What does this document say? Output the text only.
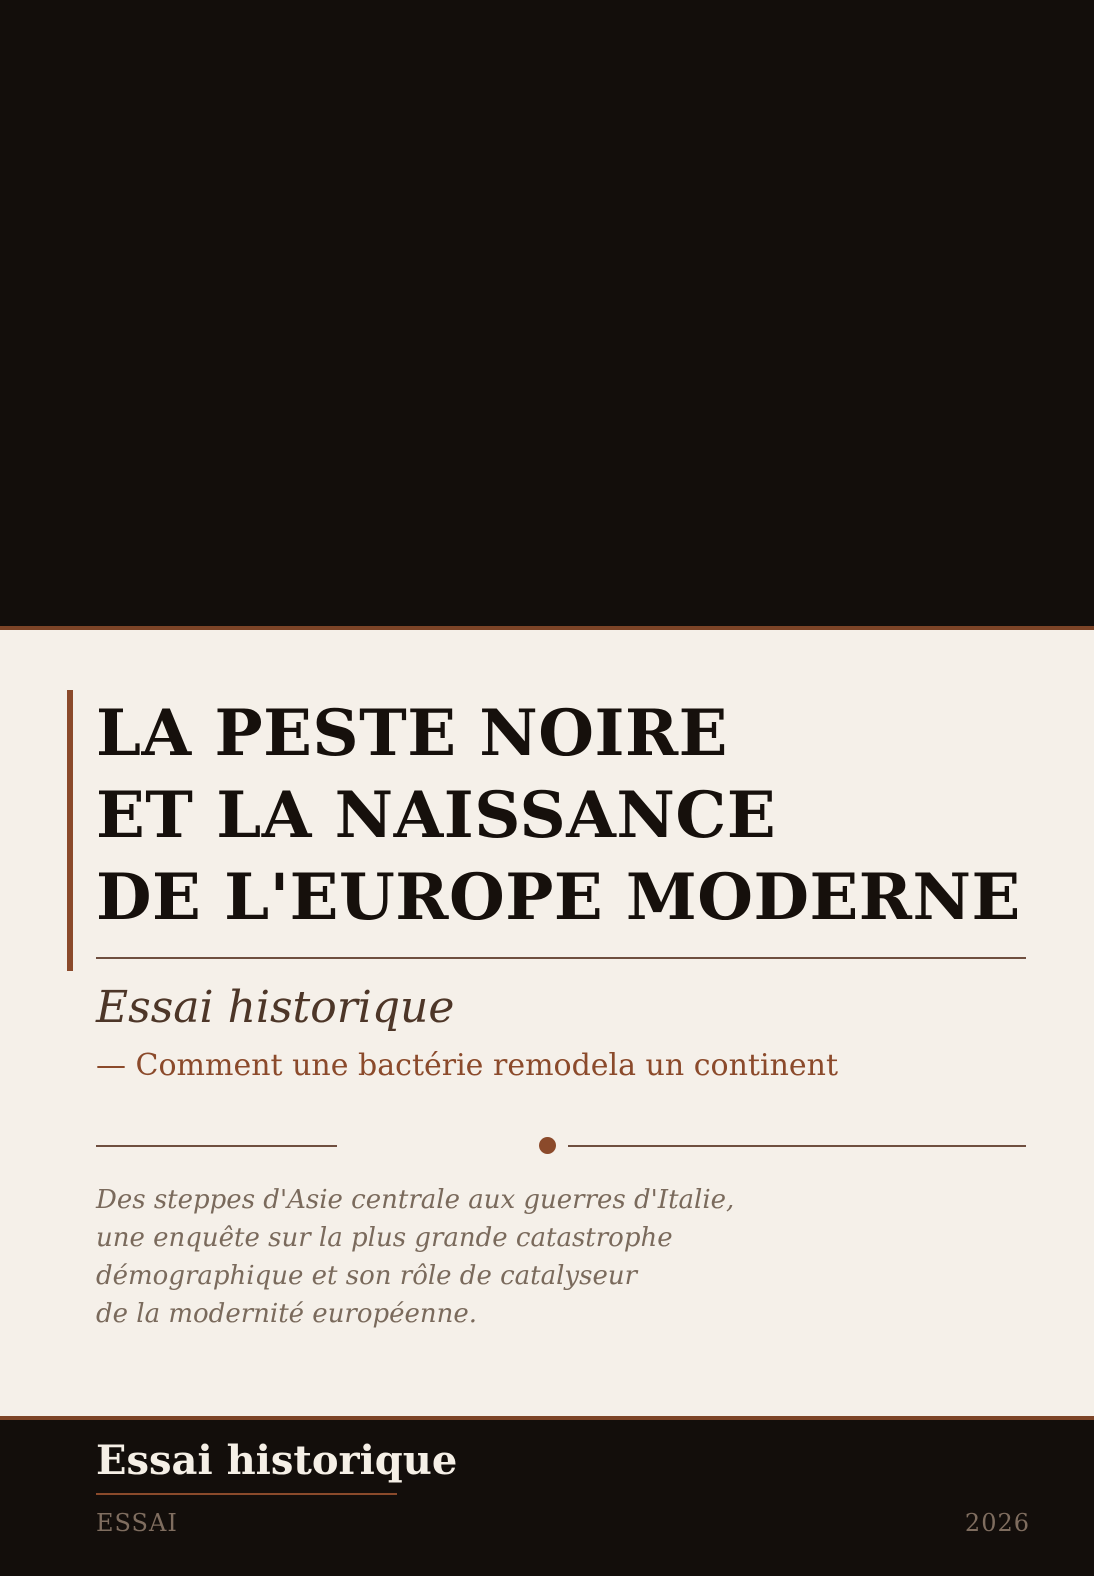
LA PESTE NOIRE
ET LA NAISSANCE
DE L'EUROPE MODERNE
Essai historique
— Comment une bactérie remodela un continent
Des steppes d'Asie centrale aux guerres d'Italie,
une enquête sur la plus grande catastrophe
démographique et son rôle de catalyseur
de la modernité européenne.
Essai historique
ESSAI	2026
